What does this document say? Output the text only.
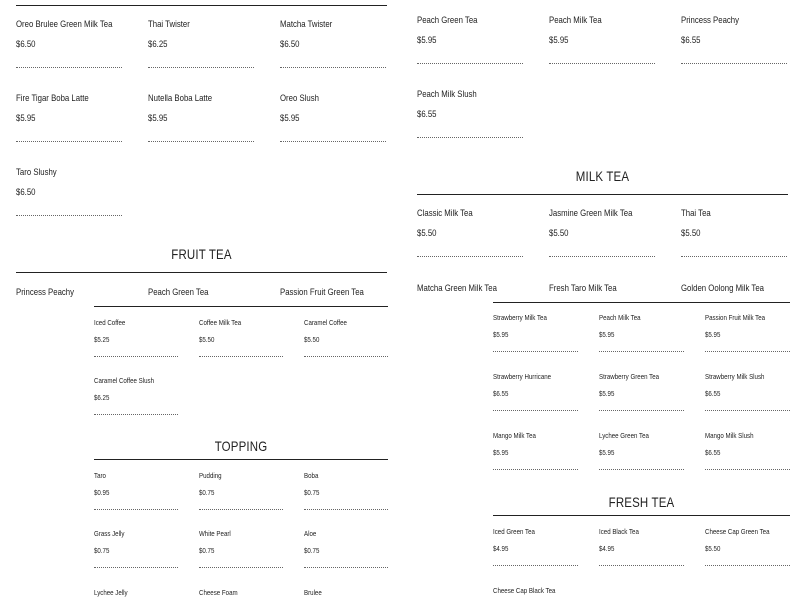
Oreo Brulee Green Milk Tea
$6.50
Thai Twister
$6.25
Matcha Twister
$6.50
Fire Tigar Boba Latte
$5.95
Nutella Boba Latte
$5.95
Oreo Slush
$5.95
Taro Slushy
$6.50
FRUIT TEA
Princess Peachy	Peach Green Tea	Passion Fruit Green Tea
Iced Coffee
$5.25
Coffee Milk Tea
$5.50
Caramel Coffee
$5.50
Caramel Coffee Slush
$6.25
TOPPING
Taro
$0.95
Pudding
$0.75
Boba
$0.75
Grass Jelly
$0.75
White Pearl
$0.75
Aloe
$0.75
Lychee Jelly	Cheese Foam	Brulee
Peach Green Tea
$5.95
Peach Milk Tea
$5.95
Princess Peachy
$6.55
Peach Milk Slush
$6.55
MILK TEA
Classic Milk Tea
$5.50
Jasmine Green Milk Tea
$5.50
Thai Tea
$5.50
Matcha Green Milk Tea	Fresh Taro Milk Tea	Golden Oolong Milk Tea
Strawberry Milk Tea
$5.95
Peach Milk Tea
$5.95
Passion Fruit Milk Tea
$5.95
Strawberry Hurricane
$6.55
Strawberry Green Tea
$5.95
Strawberry Milk Slush
$6.55
Mango Milk Tea
$5.95
Lychee Green Tea
$5.95
Mango Milk Slush
$6.55
FRESH TEA
Iced Green Tea
$4.95
Iced Black Tea
$4.95
Cheese Cap Green Tea
$5.50
Cheese Cap Black Tea
